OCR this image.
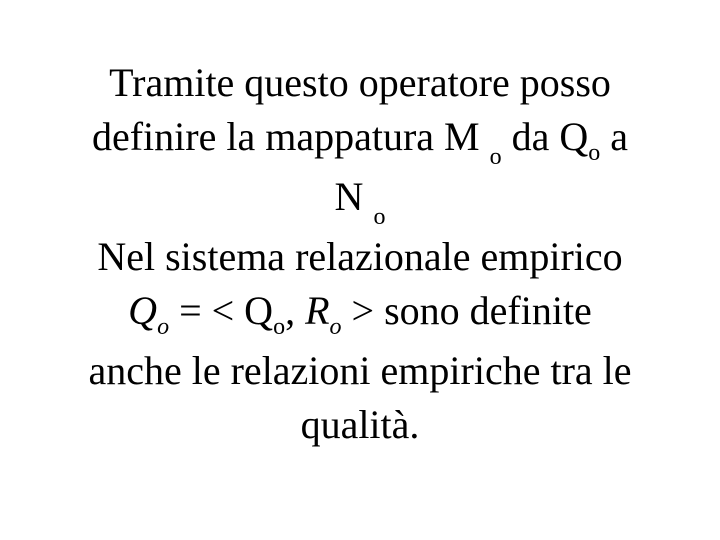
Tramite questo operatore posso
definire la mappatura M $_o$ da $Q_o$ a
N $_o$
Nel sistema relazionale empirico
$Q_o$ = < $Q_o$, $R_o$ > sono definite
anche le relazioni empiriche tra le
qualità.
